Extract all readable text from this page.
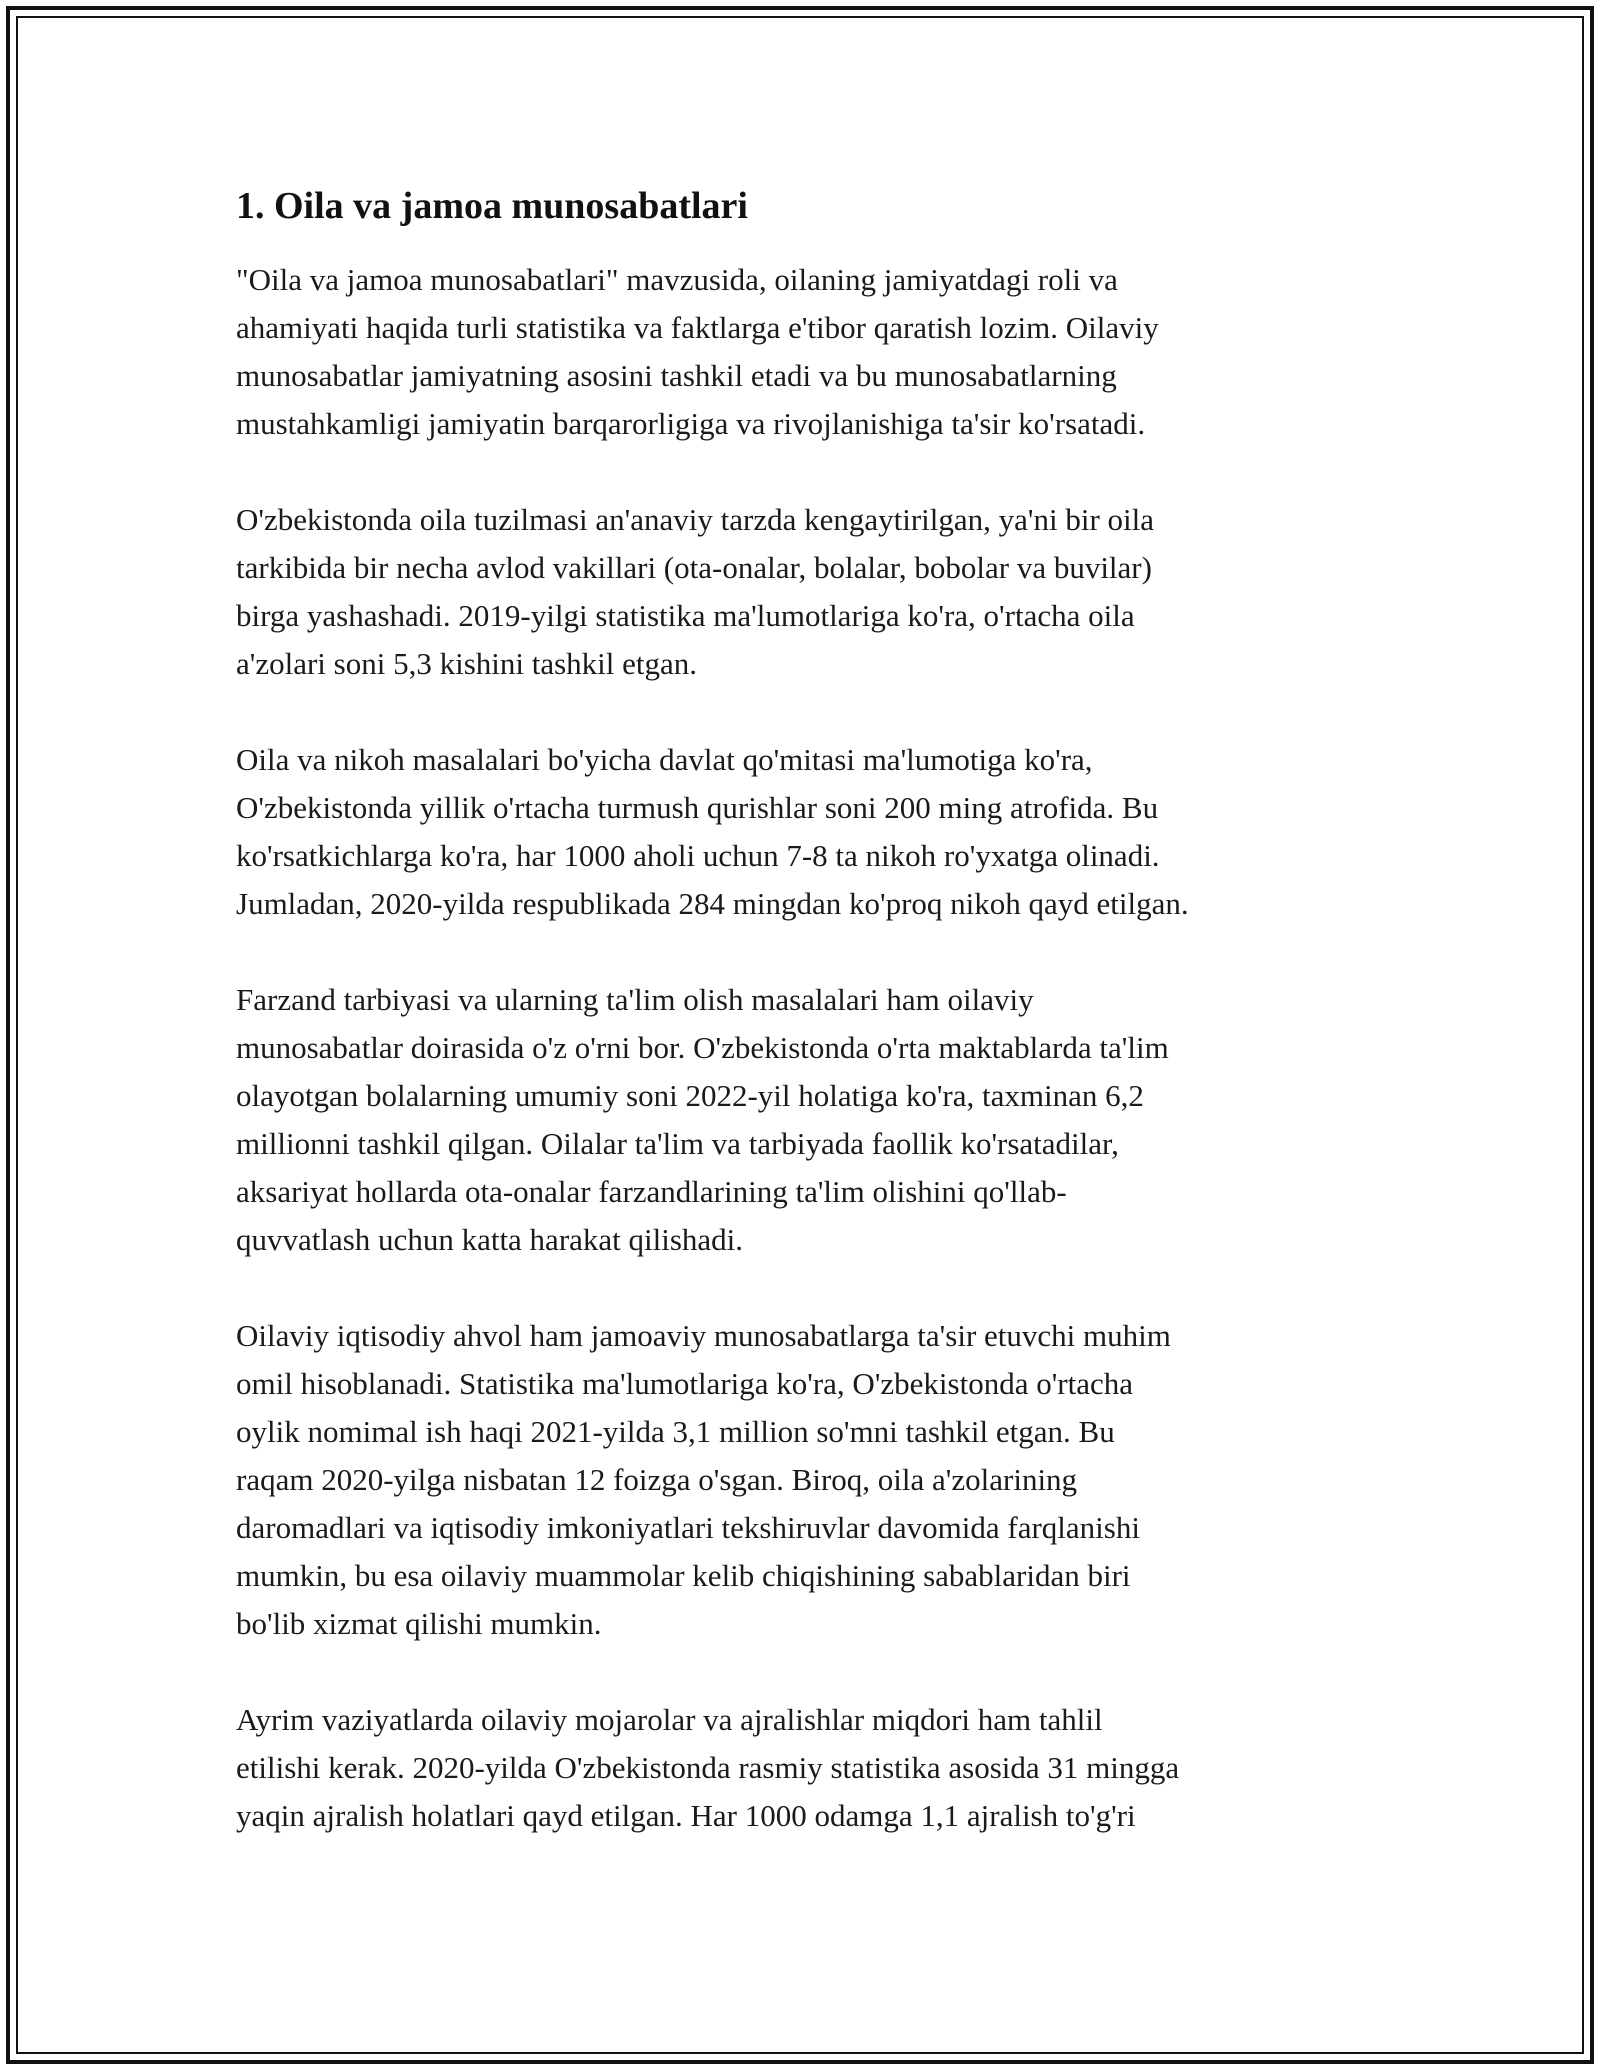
1. Oila va jamoa munosabatlari

"Oila va jamoa munosabatlari" mavzusida, oilaning jamiyatdagi roli va
ahamiyati haqida turli statistika va faktlarga e'tibor qaratish lozim. Oilaviy
munosabatlar jamiyatning asosini tashkil etadi va bu munosabatlarning
mustahkamligi jamiyatin barqarorligiga va rivojlanishiga ta'sir ko'rsatadi.

O'zbekistonda oila tuzilmasi an'anaviy tarzda kengaytirilgan, ya'ni bir oila
tarkibida bir necha avlod vakillari (ota-onalar, bolalar, bobolar va buvilar)
birga yashashadi. 2019-yilgi statistika ma'lumotlariga ko'ra, o'rtacha oila
a'zolari soni 5,3 kishini tashkil etgan.

Oila va nikoh masalalari bo'yicha davlat qo'mitasi ma'lumotiga ko'ra,
O'zbekistonda yillik o'rtacha turmush qurishlar soni 200 ming atrofida. Bu
ko'rsatkichlarga ko'ra, har 1000 aholi uchun 7-8 ta nikoh ro'yxatga olinadi.
Jumladan, 2020-yilda respublikada 284 mingdan ko'proq nikoh qayd etilgan.

Farzand tarbiyasi va ularning ta'lim olish masalalari ham oilaviy
munosabatlar doirasida o'z o'rni bor. O'zbekistonda o'rta maktablarda ta'lim
olayotgan bolalarning umumiy soni 2022-yil holatiga ko'ra, taxminan 6,2
millionni tashkil qilgan. Oilalar ta'lim va tarbiyada faollik ko'rsatadilar,
aksariyat hollarda ota-onalar farzandlarining ta'lim olishini qo'llab-
quvvatlash uchun katta harakat qilishadi.

Oilaviy iqtisodiy ahvol ham jamoaviy munosabatlarga ta'sir etuvchi muhim
omil hisoblanadi. Statistika ma'lumotlariga ko'ra, O'zbekistonda o'rtacha
oylik nomimal ish haqi 2021-yilda 3,1 million so'mni tashkil etgan. Bu
raqam 2020-yilga nisbatan 12 foizga o'sgan. Biroq, oila a'zolarining
daromadlari va iqtisodiy imkoniyatlari tekshiruvlar davomida farqlanishi
mumkin, bu esa oilaviy muammolar kelib chiqishining sabablaridan biri
bo'lib xizmat qilishi mumkin.

Ayrim vaziyatlarda oilaviy mojarolar va ajralishlar miqdori ham tahlil
etilishi kerak. 2020-yilda O'zbekistonda rasmiy statistika asosida 31 mingga
yaqin ajralish holatlari qayd etilgan. Har 1000 odamga 1,1 ajralish to'g'ri
